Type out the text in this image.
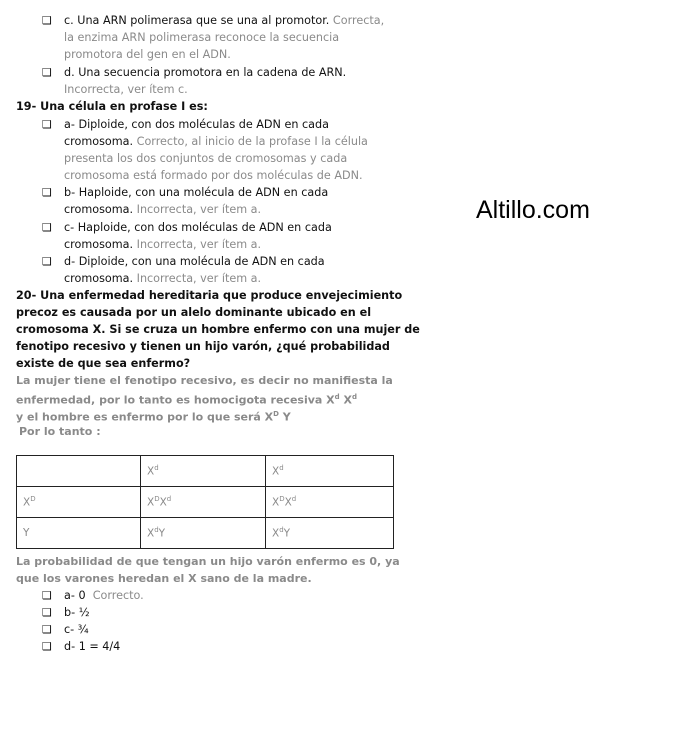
Altillo.com
❑ c. Una ARN polimerasa que se una al promotor. Correcta,
la enzima ARN polimerasa reconoce la secuencia
promotora del gen en el ADN.
❑ d. Una secuencia promotora en la cadena de ARN.
Incorrecta, ver ítem c.
19- Una célula en profase I es:
❑ a- Diploide, con dos moléculas de ADN en cada
cromosoma. Correcto, al inicio de la profase I la célula
presenta los dos conjuntos de cromosomas y cada
cromosoma está formado por dos moléculas de ADN.
❑ b- Haploide, con una molécula de ADN en cada
cromosoma. Incorrecta, ver ítem a.
❑ c- Haploide, con dos moléculas de ADN en cada
cromosoma. Incorrecta, ver ítem a.
❑ d- Diploide, con una molécula de ADN en cada
cromosoma. Incorrecta, ver ítem a.
20- Una enfermedad hereditaria que produce envejecimiento
precoz es causada por un alelo dominante ubicado en el
cromosoma X. Si se cruza un hombre enfermo con una mujer de
fenotipo recesivo y tienen un hijo varón, ¿qué probabilidad
existe de que sea enfermo?
La mujer tiene el fenotipo recesivo, es decir no manifiesta la
enfermedad, por lo tanto es homocigota recesiva $X^d$ $X^d$
y el hombre es enfermo por lo que será $X^D$ Y
Por lo tanto :
	$X^d$	$X^d$
$X^D$	$X^DX^d$	$X^DX^d$
Y	$X^dY$	$X^dY$
La probabilidad de que tengan un hijo varón enfermo es 0, ya
que los varones heredan el X sano de la madre.
❑ a- 0 Correcto.
❑ b- ½
❑ c- ¾
❑ d- 1 = 4/4
